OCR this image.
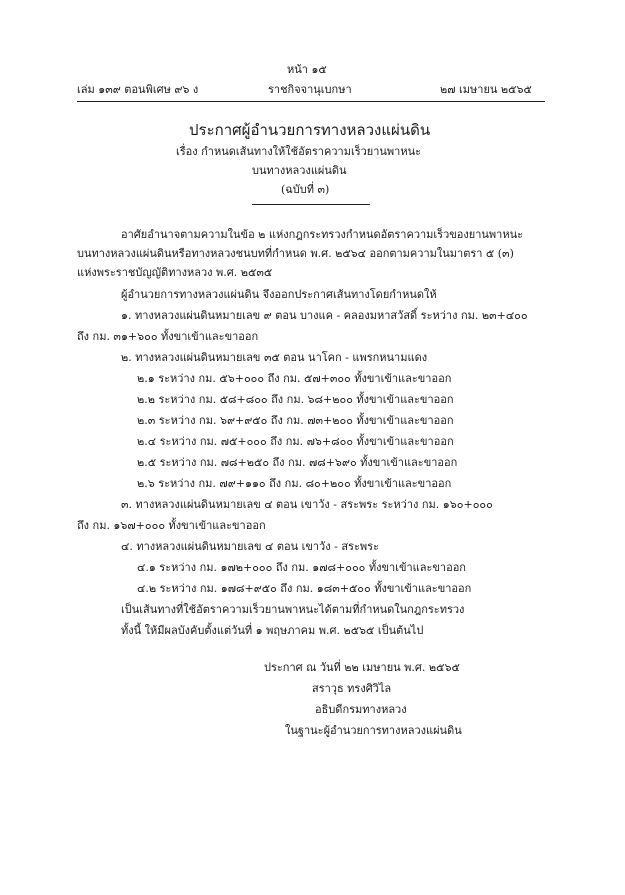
หน้า ๑๕
เล่ม ๑๓๙ ตอนพิเศษ ๙๖ ง	ราชกิจจานุเบกษา	๒๗ เมษายน ๒๕๖๕
ประกาศผู้อำนวยการทางหลวงแผ่นดิน
เรื่อง กำหนดเส้นทางให้ใช้อัตราความเร็วยานพาหนะ
บนทางหลวงแผ่นดิน
(ฉบับที่ ๓)
อาศัยอำนาจตามความในข้อ ๒ แห่งกฎกระทรวงกำหนดอัตราความเร็วของยานพาหนะ
บนทางหลวงแผ่นดินหรือทางหลวงชนบทที่กำหนด พ.ศ. ๒๕๖๔ ออกตามความในมาตรา ๕ (๓)
แห่งพระราชบัญญัติทางหลวง พ.ศ. ๒๕๓๕
ผู้อำนวยการทางหลวงแผ่นดิน จึงออกประกาศเส้นทางโดยกำหนดให้
๑. ทางหลวงแผ่นดินหมายเลข ๙ ตอน บางแค - คลองมหาสวัสดิ์ ระหว่าง กม. ๒๓+๔๐๐
ถึง กม. ๓๑+๖๐๐ ทั้งขาเข้าและขาออก
๒. ทางหลวงแผ่นดินหมายเลข ๓๕ ตอน นาโคก - แพรกหนามแดง
๒.๑ ระหว่าง กม. ๕๖+๐๐๐ ถึง กม. ๕๗+๓๐๐ ทั้งขาเข้าและขาออก
๒.๒ ระหว่าง กม. ๕๘+๘๐๐ ถึง กม. ๖๘+๒๐๐ ทั้งขาเข้าและขาออก
๒.๓ ระหว่าง กม. ๖๙+๙๕๐ ถึง กม. ๗๓+๒๐๐ ทั้งขาเข้าและขาออก
๒.๔ ระหว่าง กม. ๗๕+๐๐๐ ถึง กม. ๗๖+๘๐๐ ทั้งขาเข้าและขาออก
๒.๕ ระหว่าง กม. ๗๘+๒๕๐ ถึง กม. ๗๘+๖๙๐ ทั้งขาเข้าและขาออก
๒.๖ ระหว่าง กม. ๗๙+๑๑๐ ถึง กม. ๘๐+๒๐๐ ทั้งขาเข้าและขาออก
๓. ทางหลวงแผ่นดินหมายเลข ๔ ตอน เขาวัง - สระพระ ระหว่าง กม. ๑๖๐+๐๐๐
ถึง กม. ๑๖๗+๐๐๐ ทั้งขาเข้าและขาออก
๔. ทางหลวงแผ่นดินหมายเลข ๔ ตอน เขาวัง - สระพระ
๔.๑ ระหว่าง กม. ๑๗๒+๐๐๐ ถึง กม. ๑๗๘+๐๐๐ ทั้งขาเข้าและขาออก
๔.๒ ระหว่าง กม. ๑๗๘+๙๕๐ ถึง กม. ๑๘๓+๕๐๐ ทั้งขาเข้าและขาออก
เป็นเส้นทางที่ใช้อัตราความเร็วยานพาหนะได้ตามที่กำหนดในกฎกระทรวง
ทั้งนี้ ให้มีผลบังคับตั้งแต่วันที่ ๑ พฤษภาคม พ.ศ. ๒๕๖๕ เป็นต้นไป
ประกาศ ณ วันที่ ๒๒ เมษายน พ.ศ. ๒๕๖๕
สราวุธ ทรงศิวิไล
อธิบดีกรมทางหลวง
ในฐานะผู้อำนวยการทางหลวงแผ่นดิน
